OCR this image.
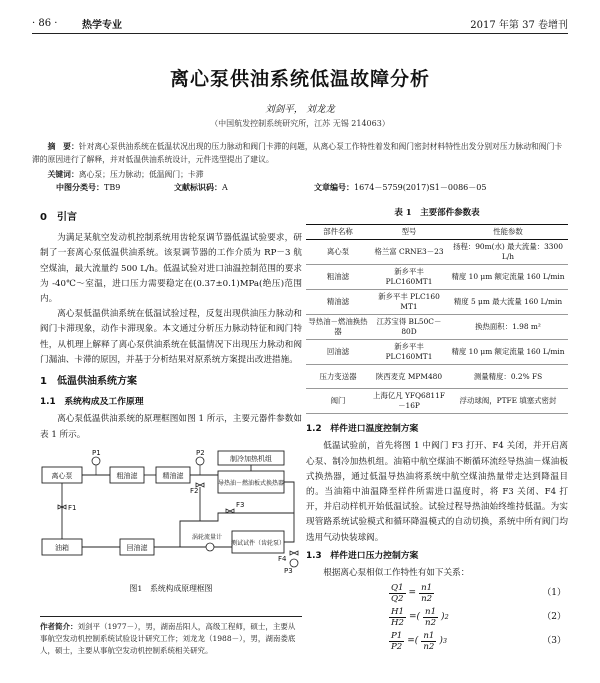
· 86 ·	热学专业	2017 年第 37 卷增刊
离心泵供油系统低温故障分析
刘剑平， 刘龙龙
（中国航发控制系统研究所，江苏 无锡 214063）
摘　要：针对离心泵供油系统在低温状况出现的压力脉动和阀门卡滞的问题，从离心泵工作特性着发和阀门密封材料特性出发分别对压力脉动和阀门卡滞的原因进行了解释，并对低温供油系统设计，元件选型提出了建议。
关键词：离心泵；压力脉动；低温阀门；卡滞
中图分类号：TB9	文献标识码：A	文章编号：1674－5759(2017)S1－0086－05
0　引言

为满足某航空发动机控制系统用齿轮泵调节器低温试验要求，研制了一套离心泵低温供油系统。该泵调节器的工作介质为 RP－3 航空煤油，最大流量约 500 L/h。低温试验对进口油温控制范围的要求为 -40℃～室温，进口压力需要稳定在(0.37±0.1)MPa(绝压)范围内。

离心泵低温供油系统在低温试验过程，反复出现供油压力脉动和阀门卡滞现象，动作卡滞现象。本文通过分析压力脉动特征和阀门特性，从机理上解释了离心泵供油系统在低温情况下出现压力脉动和阀门漏油、卡滞的原因，并基于分析结果对原系统方案提出改进措施。

1　低温供油系统方案
1.1　系统构成及工作原理

离心泵低温供油系统的原理框图如图 1 所示，主要元器件参数如表 1 所示。

离心泵	粗油滤	精油滤
制冷加热机组
导热油－燃油板式换热器
油箱	回油滤
测试试件（齿轮泵）
涡轮流量计
P1	P2
P3
F1
F2
F3
F4
图1　系统构成原理框图
作者简介：刘剑平（1977－），男，湖南岳阳人，高级工程师，硕士，主要从事航空发动机控制系统试验设计研究工作；刘龙龙（1988－），男，湖南娄底人，硕士，主要从事航空发动机控制系统相关研究。
表 1　主要部件参数表
部件名称	型号	性能参数
离心泵	格兰富 CRNE3－23	扬程：90m(水) 最大流量：3300 L/h
粗油滤	新乡平丰 PLC160MT1	精度 10 μm 额定流量 160 L/min
精油滤	新乡平丰 PLC160 MT1	精度 5 μm 最大流量 160 L/min
导热油－燃油换热器	江苏宝得 BL50C－80D	换热面积：1.98 m²
回油滤	新乡平丰 PLC160MT1	精度 10 μm 额定流量 160 L/min
压力变送器	陕西麦克 MPM480	测量精度：0.2% FS
阀门	上海亿凡 YFQ6811F－16P	浮动球阀，PTFE 填塞式密封
1.2　样件进口温度控制方案

低温试验前，首先将图 1 中阀门 F3 打开、F4 关闭，并开启离心泵、制冷加热机组。油箱中航空煤油不断循环流经导热油－煤油板式换热器，通过低温导热油将系统中航空煤油热量带走达到降温目的。当油箱中油温降至样件所需进口温度时，将 F3 关闭、F4 打开，并启动样机开始低温试验。试验过程导热油始终维持低温。为实现管路系统试验模式和循环降温模式的自动切换，系统中所有阀门均选用气动快装球阀。

1.3　样件进口压力控制方案

根据离心泵相似工作特性有如下关系：

$\frac{Q1}{Q2} = \frac{n1}{n2}$	（1）
$\frac{H1}{H2}$ = ( $\frac{n1}{n2}$ ) 2	（2）
$\frac{P1}{P2}$ = ( $\frac{n1}{n2}$ ) 3	（3）
